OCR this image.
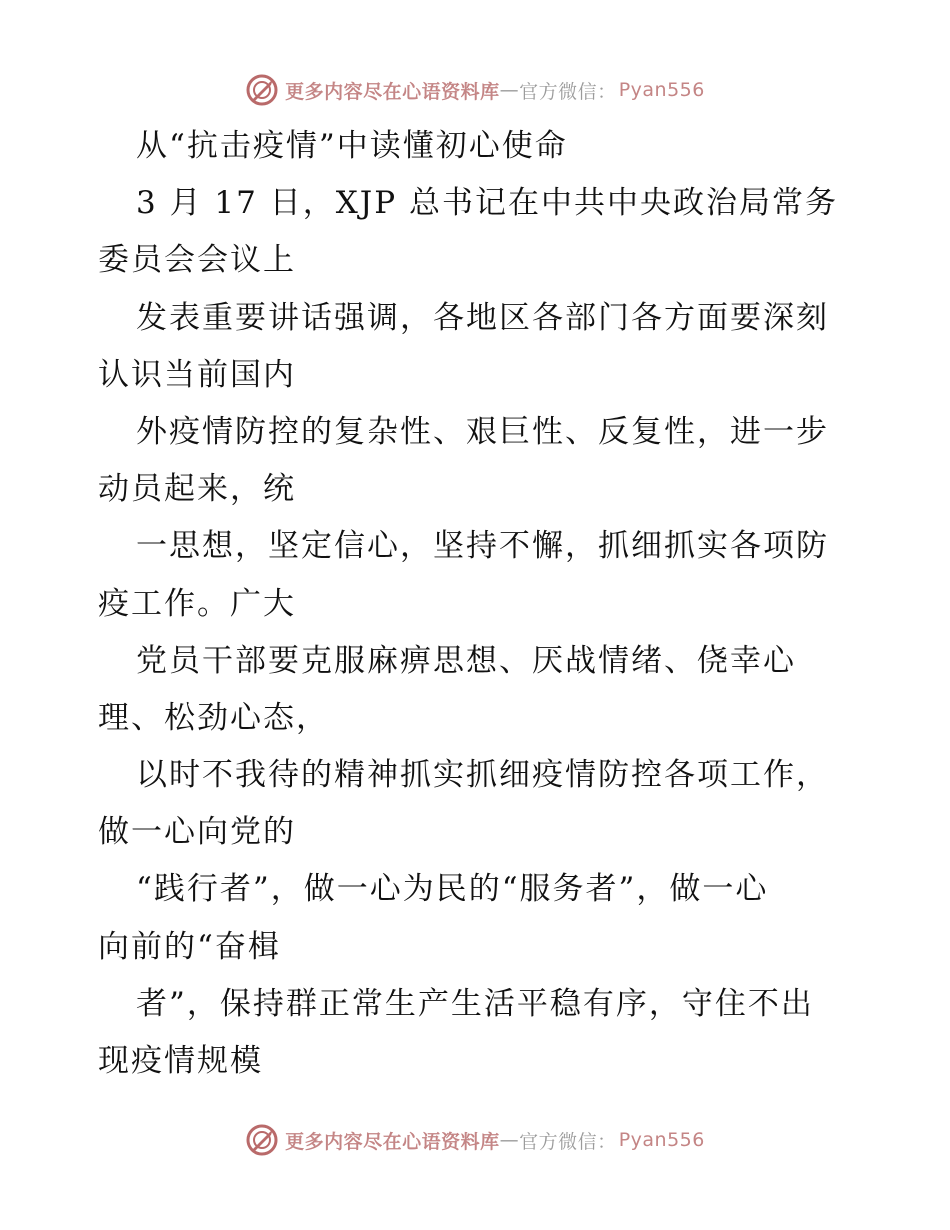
更多内容尽在心语资料库 — 官方微信： Pyan556
从“抗击疫情”中读懂初心使命
3 月 17 日，XJP 总书记在中共中央政治局常务
委员会会议上
发表重要讲话强调，各地区各部门各方面要深刻
认识当前国内
外疫情防控的复杂性、艰巨性、反复性，进一步
动员起来，统
一思想，坚定信心，坚持不懈，抓细抓实各项防
疫工作。广大
党员干部要克服麻痹思想、厌战情绪、侥幸心
理、松劲心态，
以时不我待的精神抓实抓细疫情防控各项工作，
做一心向党的
“践行者”，做一心为民的“服务者”，做一心
向前的“奋楫
者”，保持群正常生产生活平稳有序，守住不出
现疫情规模
更多内容尽在心语资料库 — 官方微信： Pyan556
